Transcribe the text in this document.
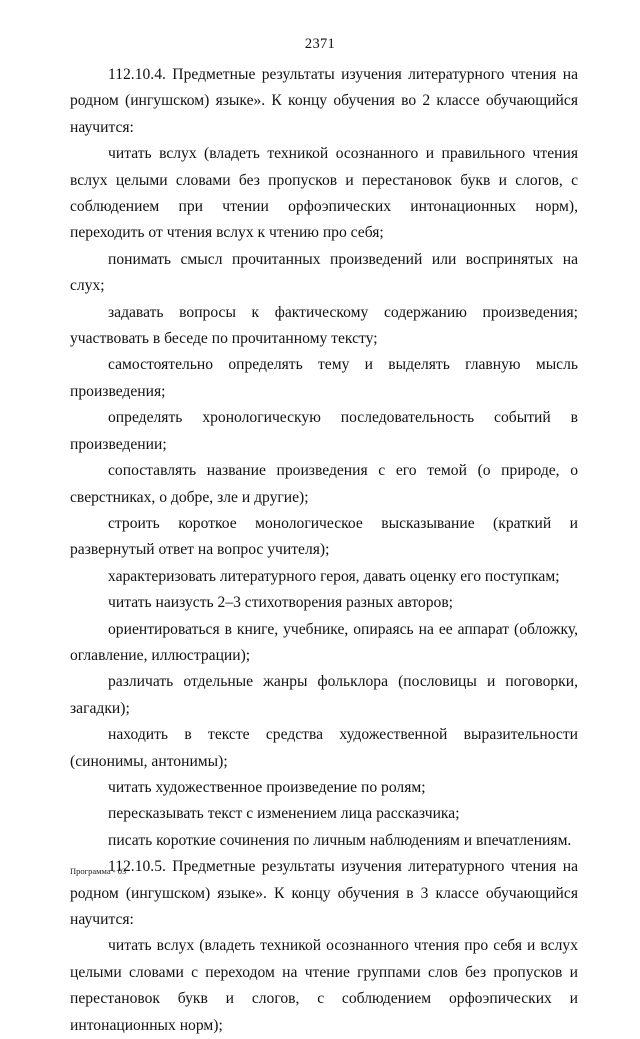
2371

112.10.4. Предметные результаты изучения литературного чтения на родном (ингушском) языке». К концу обучения во 2 классе обучающийся научится:

читать вслух (владеть техникой осознанного и правильного чтения вслух целыми словами без пропусков и перестановок букв и слогов, с соблюдением при чтении орфоэпических интонационных норм), переходить от чтения вслух к чтению про себя;

понимать смысл прочитанных произведений или воспринятых на слух;

задавать вопросы к фактическому содержанию произведения; участвовать в беседе по прочитанному тексту;

самостоятельно определять тему и выделять главную мысль произведения;

определять хронологическую последовательность событий в произведении;

сопоставлять название произведения с его темой (о природе, о сверстниках, о добре, зле и другие);

строить короткое монологическое высказывание (краткий и развернутый ответ на вопрос учителя);

характеризовать литературного героя, давать оценку его поступкам;

читать наизусть 2–3 стихотворения разных авторов;

ориентироваться в книге, учебнике, опираясь на ее аппарат (обложку, оглавление, иллюстрации);

различать отдельные жанры фольклора (пословицы и поговорки, загадки);

находить в тексте средства художественной выразительности (синонимы, антонимы);

читать художественное произведение по ролям;

пересказывать текст с изменением лица рассказчика;

писать короткие сочинения по личным наблюдениям и впечатлениям.

112.10.5. Предметные результаты изучения литературного чтения на родном (ингушском) языке». К концу обучения в 3 классе обучающийся научится:

читать вслух (владеть техникой осознанного чтения про себя и вслух целыми словами с переходом на чтение группами слов без пропусков и перестановок букв и слогов, с соблюдением орфоэпических и интонационных норм);

Программа - 03
